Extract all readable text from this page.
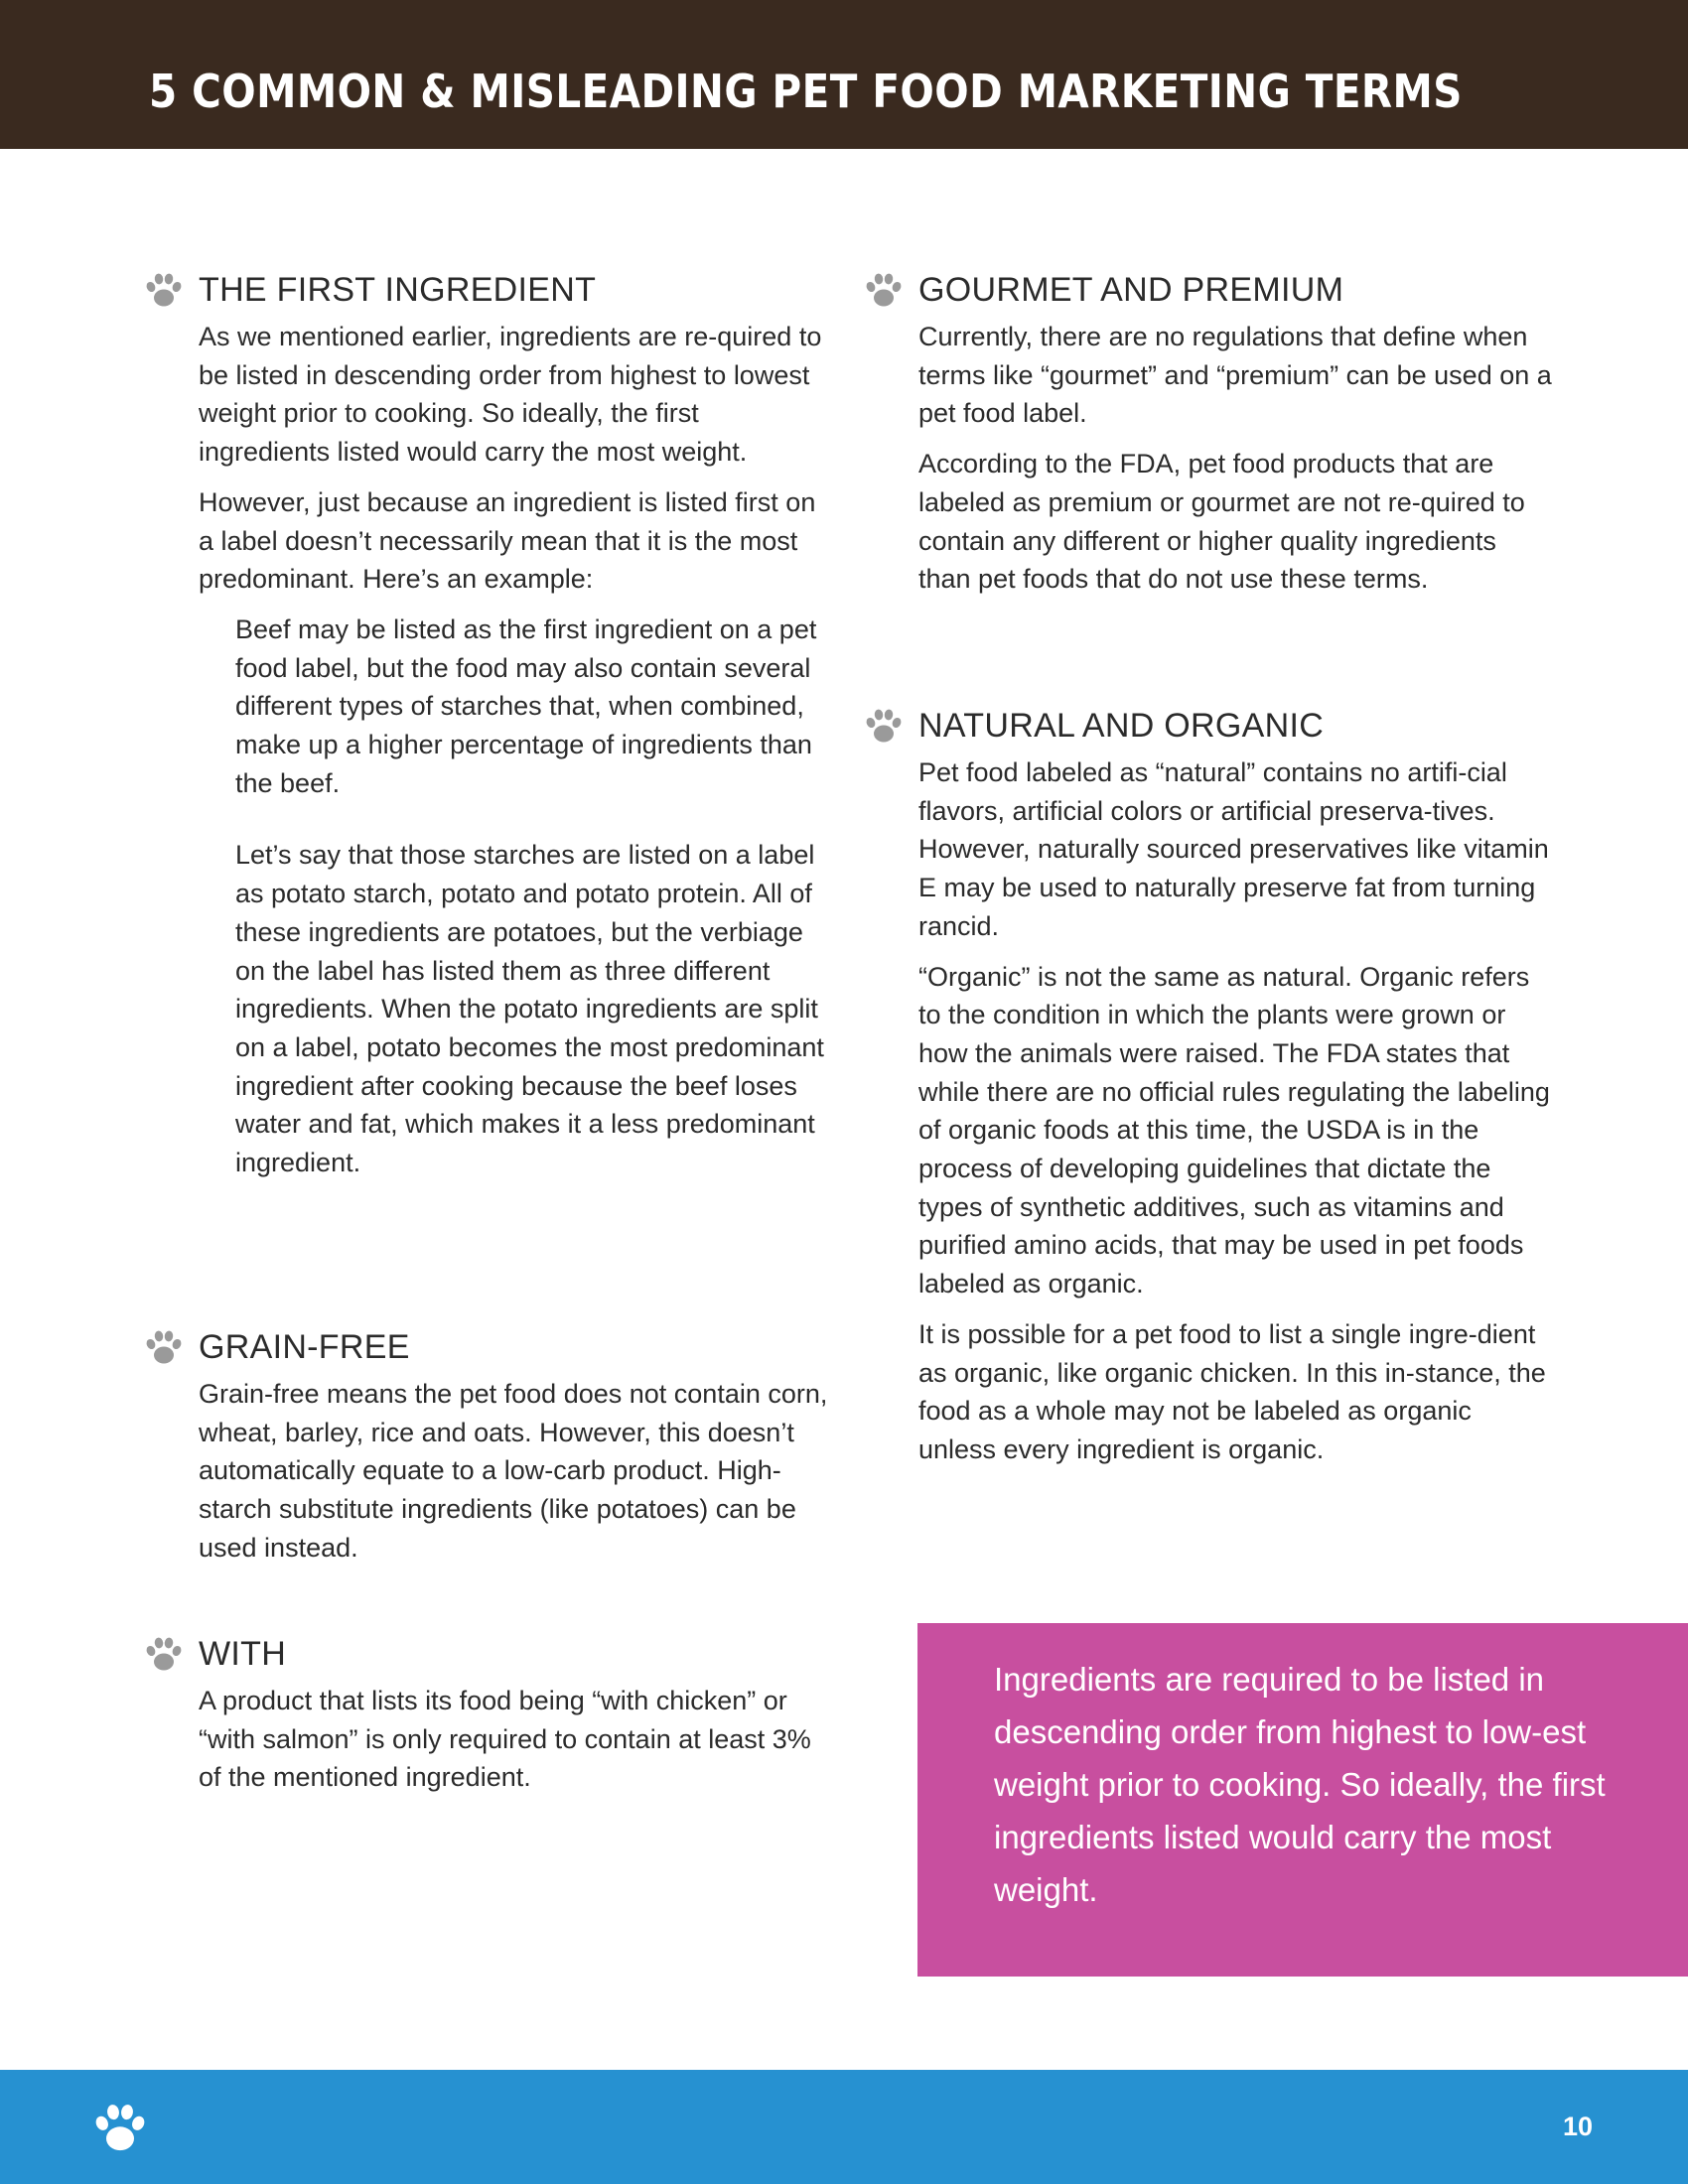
5 COMMON & MISLEADING PET FOOD MARKETING TERMS
THE FIRST INGREDIENT

As we mentioned earlier, ingredients are re-quired to be listed in descending order from highest to lowest weight prior to cooking. So ideally, the first ingredients listed would carry the most weight.

However, just because an ingredient is listed first on a label doesn’t necessarily mean that it is the most predominant. Here’s an example:

Beef may be listed as the first ingredient on a pet food label, but the food may also contain several different types of starches that, when combined, make up a higher percentage of ingredients than the beef.

Let’s say that those starches are listed on a label as potato starch, potato and potato protein. All of these ingredients are potatoes, but the verbiage on the label has listed them as three different ingredients. When the potato ingredients are split on a label, potato becomes the most predominant ingredient after cooking because the beef loses water and fat, which makes it a less predominant ingredient.

GRAIN-FREE

Grain-free means the pet food does not contain corn, wheat, barley, rice and oats. However, this doesn’t automatically equate to a low-carb product. High-starch substitute ingredients (like potatoes) can be used instead.

WITH

A product that lists its food being “with chicken” or “with salmon” is only required to contain at least 3% of the mentioned ingredient.

GOURMET AND PREMIUM

Currently, there are no regulations that define when terms like “gourmet” and “premium” can be used on a pet food label.

According to the FDA, pet food products that are labeled as premium or gourmet are not re-quired to contain any different or higher quality ingredients than pet foods that do not use these terms.

NATURAL AND ORGANIC

Pet food labeled as “natural” contains no artifi-cial flavors, artificial colors or artificial preserva-tives. However, naturally sourced preservatives like vitamin E may be used to naturally preserve fat from turning rancid.

“Organic” is not the same as natural. Organic refers to the condition in which the plants were grown or how the animals were raised. The FDA states that while there are no official rules regulating the labeling of organic foods at this time, the USDA is in the process of developing guidelines that dictate the types of synthetic additives, such as vitamins and purified amino acids, that may be used in pet foods labeled as organic.

It is possible for a pet food to list a single ingre-dient as organic, like organic chicken. In this in-stance, the food as a whole may not be labeled as organic unless every ingredient is organic.

Ingredients are required to be listed in descending order from highest to low-est weight prior to cooking. So ideally, the first ingredients listed would carry the most weight.

10
